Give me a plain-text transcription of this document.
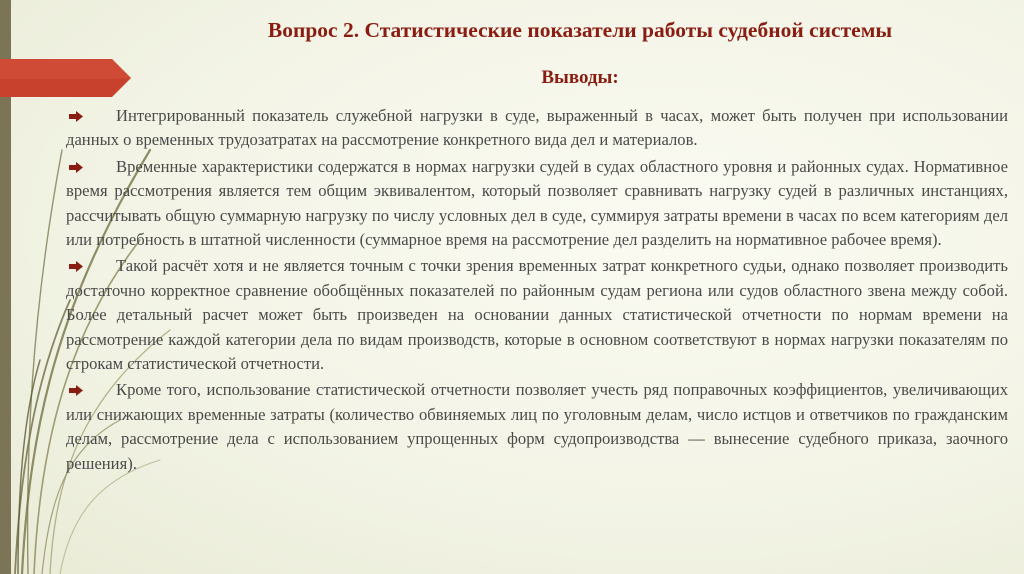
Вопрос 2. Статистические показатели работы судебной системы
Выводы:
Интегрированный показатель служебной нагрузки в суде, выраженный в часах, может быть получен при использовании данных о временных трудозатратах на рассмотрение конкретного вида дел и материалов.
Временные характеристики содержатся в нормах нагрузки судей в судах областного уровня и районных судах. Нормативное время рассмотрения является тем общим эквивалентом, который позволяет сравнивать нагрузку судей в различных инстанциях, рассчитывать общую суммарную нагрузку по числу условных дел в суде, суммируя затраты времени в часах по всем категориям дел или потребность в штатной численности (суммарное время на рассмотрение дел разделить на нормативное рабочее время).
Такой расчёт хотя и не является точным с точки зрения временных затрат конкретного судьи, однако позволяет производить достаточно корректное сравнение обобщённых показателей по районным судам региона или судов областного звена между собой. Более детальный расчет может быть произведен на основании данных статистической отчетности по нормам времени на рассмотрение каждой категории дела по видам производств, которые в основном соответствуют в нормах нагрузки показателям по строкам статистической отчетности.
Кроме того, использование статистической отчетности позволяет учесть ряд поправочных коэффициентов, увеличивающих или снижающих временные затраты (количество обвиняемых лиц по уголовным делам, число истцов и ответчиков по гражданским делам, рассмотрение дела с использованием упрощенных форм судопроизводства — вынесение судебного приказа, заочного решения).
